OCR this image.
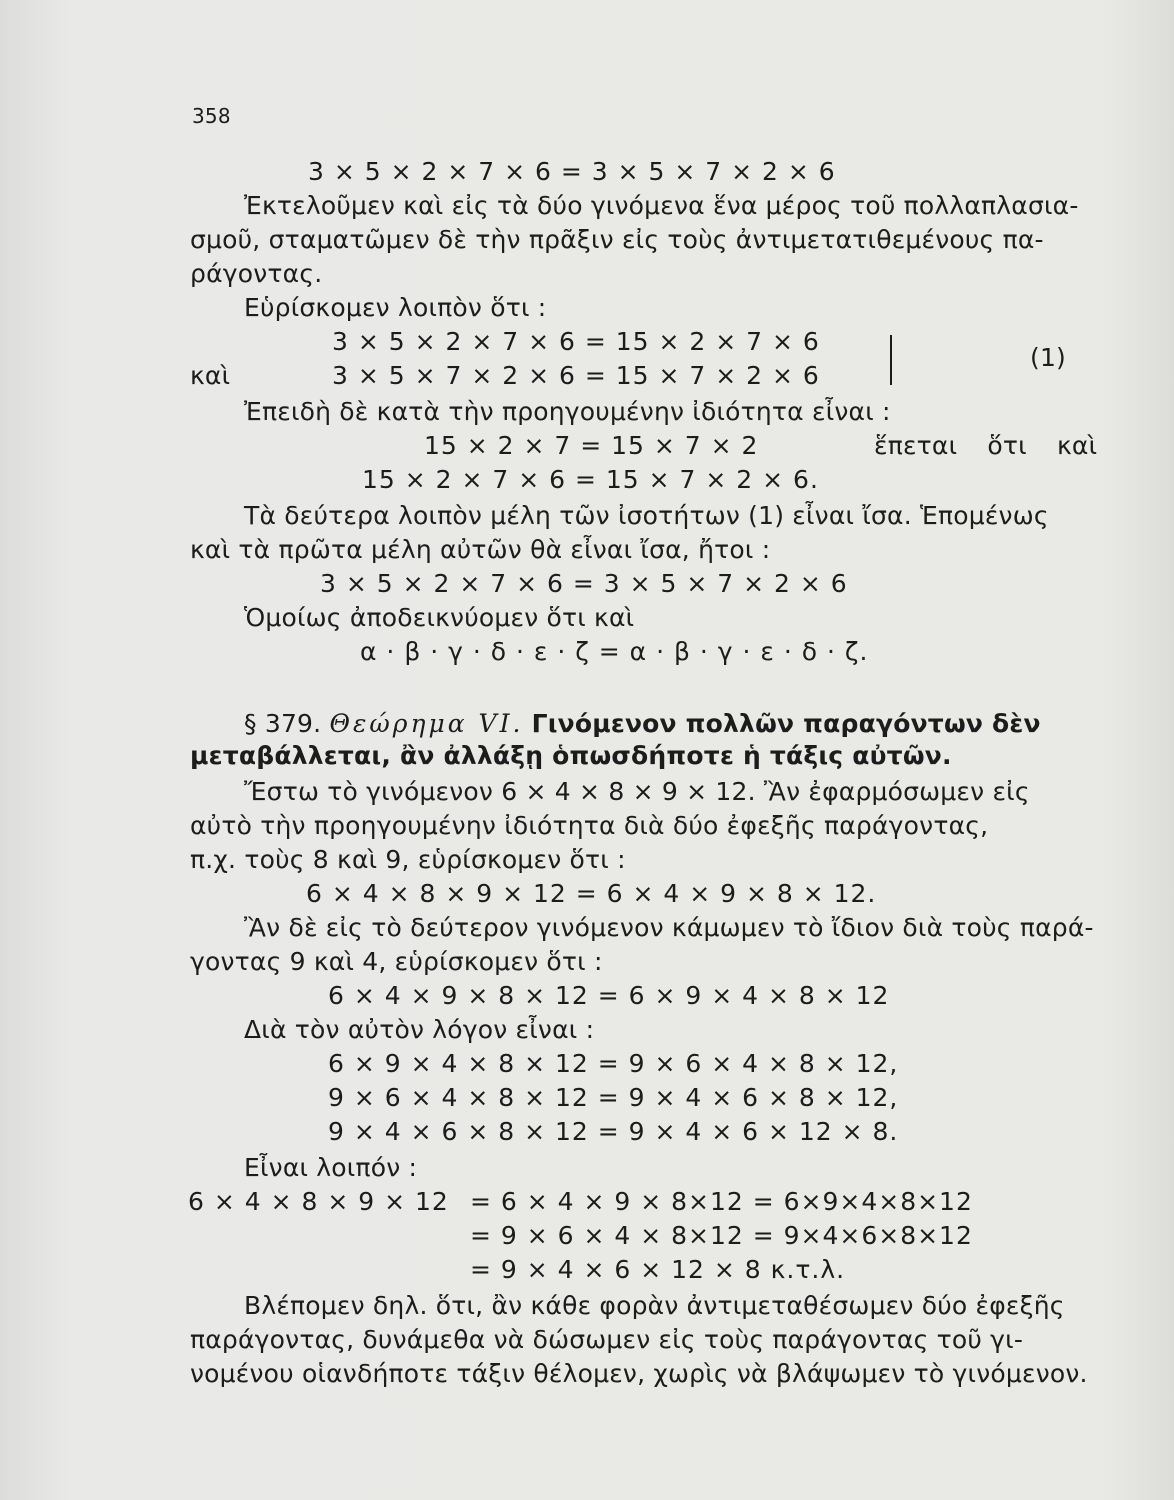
358
3 × 5 × 2 × 7 × 6 = 3 × 5 × 7 × 2 × 6
Ἐκτελοῦμεν καὶ εἰς τὰ δύο γινόμενα ἕνα μέρος τοῦ πολλαπλασια-
σμοῦ, σταματῶμεν δὲ τὴν πρᾶξιν εἰς τοὺς ἀντιμετατιθεμένους πα-
ράγοντας.
Εὑρίσκομεν λοιπὸν ὅτι :
3 × 5 × 2 × 7 × 6 = 15 × 2 × 7 × 6
καὶ	3 × 5 × 7 × 2 × 6 = 15 × 7 × 2 × 6
(1)
Ἐπειδὴ δὲ κατὰ τὴν προηγουμένην ἰδιότητα εἶναι :
15 × 2 × 7 = 15 × 7 × 2	ἕπεται ὅτι καὶ
15 × 2 × 7 × 6 = 15 × 7 × 2 × 6.
Τὰ δεύτερα λοιπὸν μέλη τῶν ἰσοτήτων (1) εἶναι ἴσα. Ἑπομένως
καὶ τὰ πρῶτα μέλη αὐτῶν θὰ εἶναι ἴσα, ἤτοι :
3 × 5 × 2 × 7 × 6 = 3 × 5 × 7 × 2 × 6
Ὁμοίως ἀποδεικνύομεν ὅτι καὶ
α · β · γ · δ · ε · ζ = α · β · γ · ε · δ · ζ.
§ 379. Θεώρημα VI. Γινόμενον πολλῶν παραγόντων δὲν
μεταβάλλεται, ἂν ἀλλάξῃ ὁπωσδήποτε ἡ τάξις αὐτῶν.
Ἔστω τὸ γινόμενον 6 × 4 × 8 × 9 × 12. Ἂν ἐφαρμόσωμεν εἰς
αὐτὸ τὴν προηγουμένην ἰδιότητα διὰ δύο ἐφεξῆς παράγοντας,
π.χ. τοὺς 8 καὶ 9, εὑρίσκομεν ὅτι :
6 × 4 × 8 × 9 × 12 = 6 × 4 × 9 × 8 × 12.
Ἂν δὲ εἰς τὸ δεύτερον γινόμενον κάμωμεν τὸ ἴδιον διὰ τοὺς παρά-
γοντας 9 καὶ 4, εὑρίσκομεν ὅτι :
6 × 4 × 9 × 8 × 12 = 6 × 9 × 4 × 8 × 12
Διὰ τὸν αὐτὸν λόγον εἶναι :
6 × 9 × 4 × 8 × 12 = 9 × 6 × 4 × 8 × 12,
9 × 6 × 4 × 8 × 12 = 9 × 4 × 6 × 8 × 12,
9 × 4 × 6 × 8 × 12 = 9 × 4 × 6 × 12 × 8.
Εἶναι λοιπόν :
6 × 4 × 8 × 9 × 12 = 6 × 4 × 9 × 8×12 = 6×9×4×8×12
= 9 × 6 × 4 × 8×12 = 9×4×6×8×12
= 9 × 4 × 6 × 12 × 8 κ.τ.λ.
Βλέπομεν δηλ. ὅτι, ἂν κάθε φορὰν ἀντιμεταθέσωμεν δύο ἐφεξῆς
παράγοντας, δυνάμεθα νὰ δώσωμεν εἰς τοὺς παράγοντας τοῦ γι-
νομένου οἱανδήποτε τάξιν θέλομεν, χωρὶς νὰ βλάψωμεν τὸ γινόμενον.
